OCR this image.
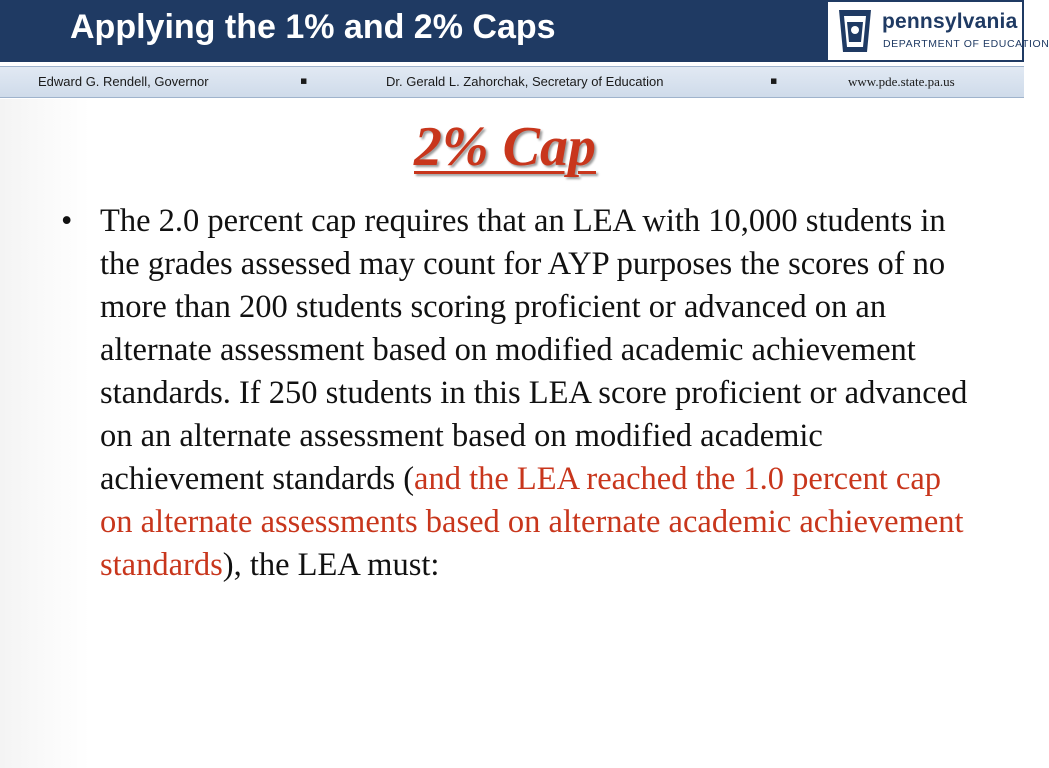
Applying the 1% and 2% Caps	pennsylvania
DEPARTMENT OF EDUCATION
Edward G. Rendell, Governor	▪	Dr. Gerald L. Zahorchak, Secretary of Education	▪	www.pde.state.pa.us
2% Cap
• The 2.0 percent cap requires that an LEA with 10,000 students in the grades assessed may count for AYP purposes the scores of no more than 200 students scoring proficient or advanced on an alternate assessment based on modified academic achievement standards. If 250 students in this LEA score proficient or advanced on an alternate assessment based on modified academic achievement standards (and the LEA reached the 1.0 percent cap on alternate assessments based on alternate academic achievement standards), the LEA must:
